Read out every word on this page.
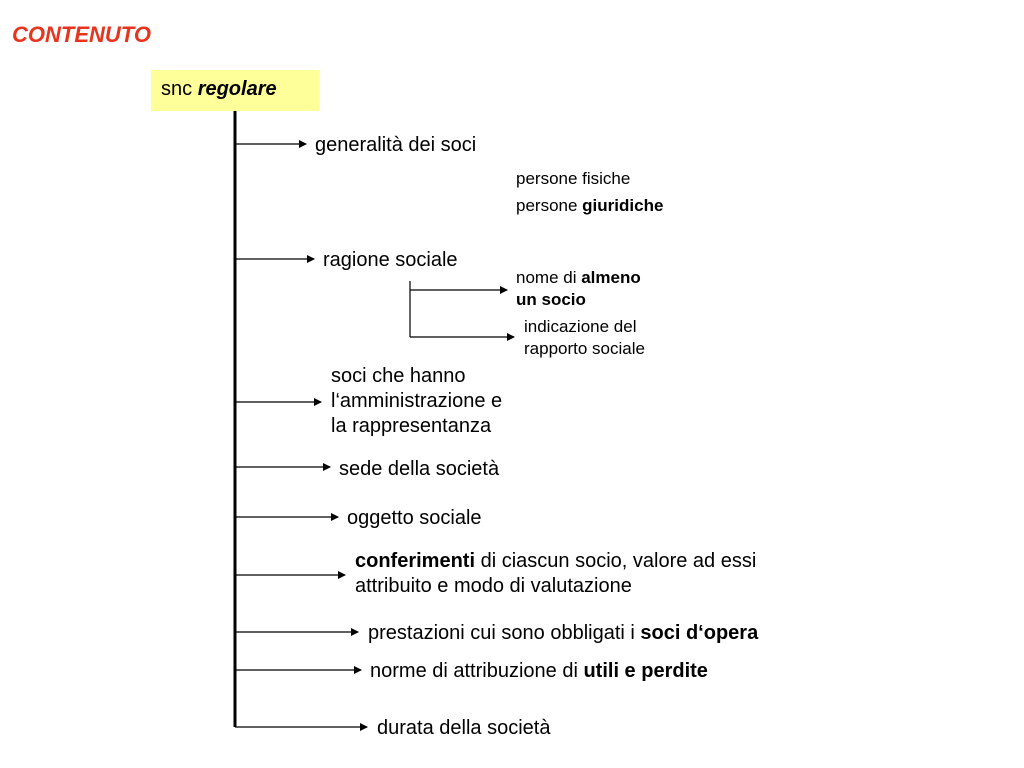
CONTENUTO
snc regolare
generalità dei soci
persone fisiche
persone giuridiche
ragione sociale
nome di almeno
un socio
indicazione del
rapporto sociale
soci che hanno
l‘amministrazione e
la rappresentanza
sede della società
oggetto sociale
conferimenti di ciascun socio, valore ad essi
attribuito e modo di valutazione
prestazioni cui sono obbligati i soci d‘opera
norme di attribuzione di utili e perdite
durata della società
